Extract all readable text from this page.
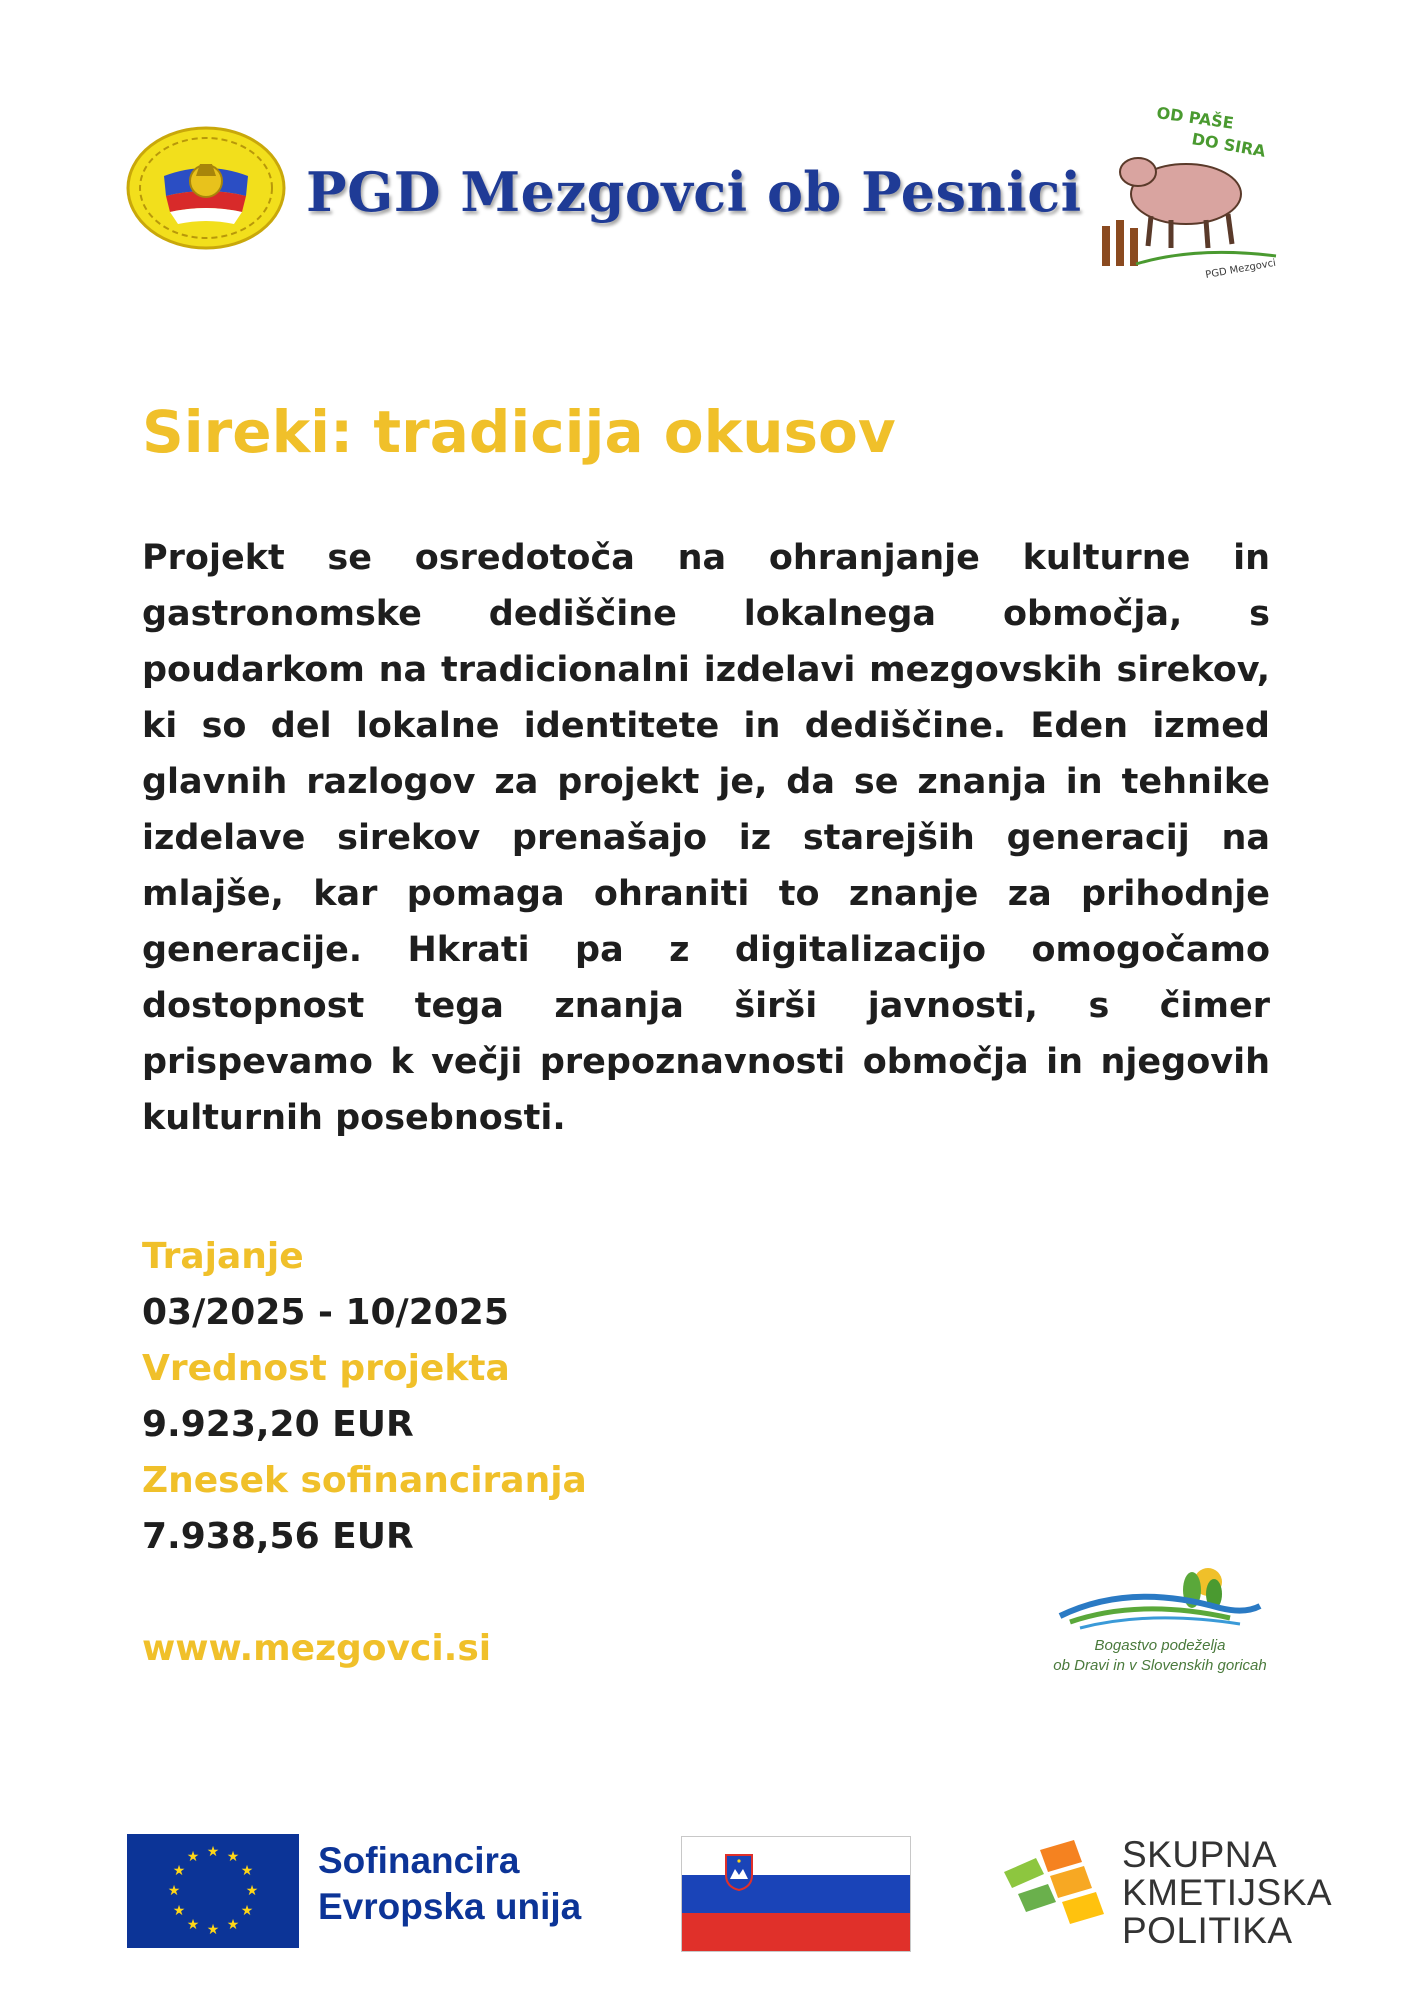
PGD Mezgovci ob Pesnici
OD PAŠE
DO SIRA
PGD Mezgovci
Sireki: tradicija okusov

Projekt se osredotoča na ohranjanje kulturne in gastronomske dediščine lokalnega območja, s poudarkom na tradicionalni izdelavi mezgovskih sirekov, ki so del lokalne identitete in dediščine. Eden izmed glavnih razlogov za projekt je, da se znanja in tehnike izdelave sirekov prenašajo iz starejših generacij na mlajše, kar pomaga ohraniti to znanje za prihodnje generacije. Hkrati pa z digitalizacijo omogočamo dostopnost tega znanja širši javnosti, s čimer prispevamo k večji prepoznavnosti območja in njegovih kulturnih posebnosti.

Trajanje
03/2025 - 10/2025
Vrednost projekta
9.923,20 EUR
Znesek sofinanciranja
7.938,56 EUR
www.mezgovci.si	Bogastvo podeželja
ob Dravi in v Slovenskih goricah
★ ★
★
★
★
★
★
★
★
★
★
★	Sofinancira
Evropska unija
SKUPNA
KMETIJSKA
POLITIKA
